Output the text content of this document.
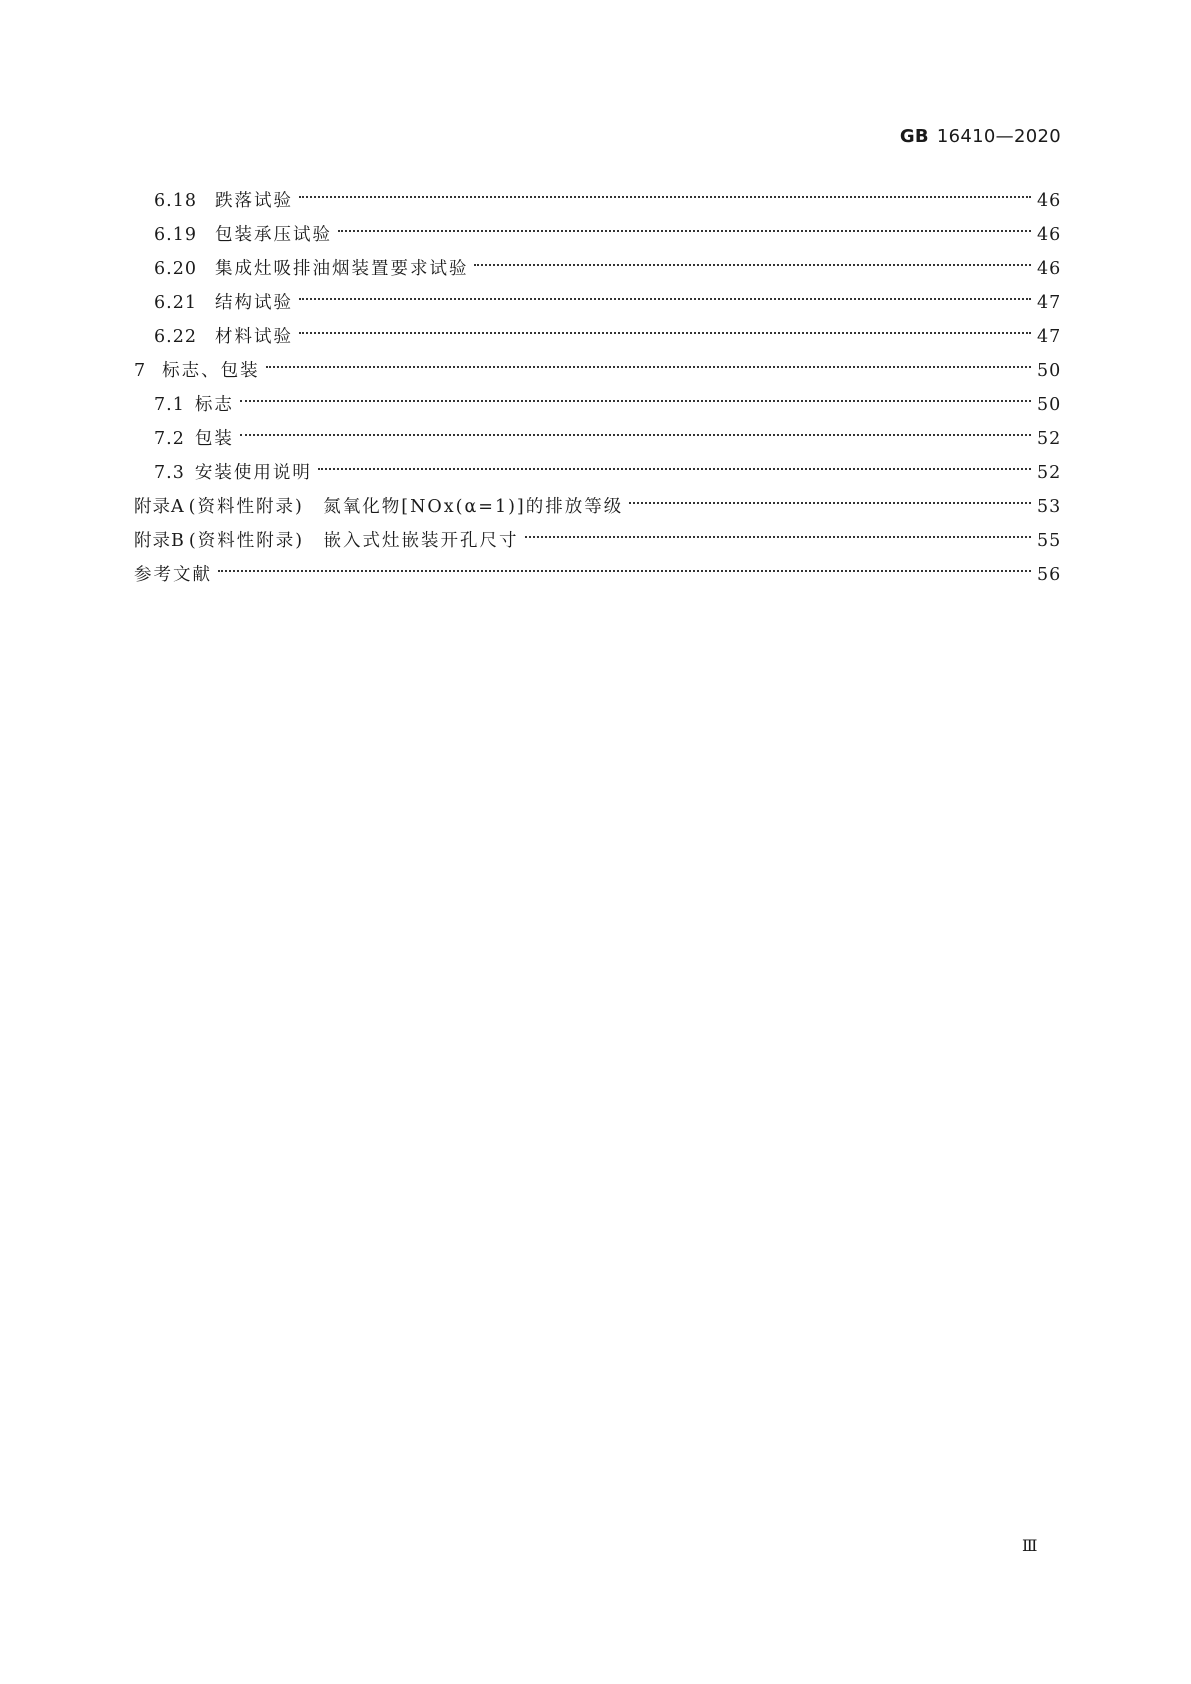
GB 16410—2020
6.18 跌落试验	46
6.19 包装承压试验	46
6.20 集成灶吸排油烟装置要求试验	46
6.21 结构试验	47
6.22 材料试验	47
7 标志、包装	50
7.1 标志	50
7.2 包装	52
7.3 安装使用说明	52
附录A (资料性附录)　氮氧化物[NOx(α=1)]的排放等级	53
附录B (资料性附录)　嵌入式灶嵌装开孔尺寸	55
参考文献	56
Ⅲ
